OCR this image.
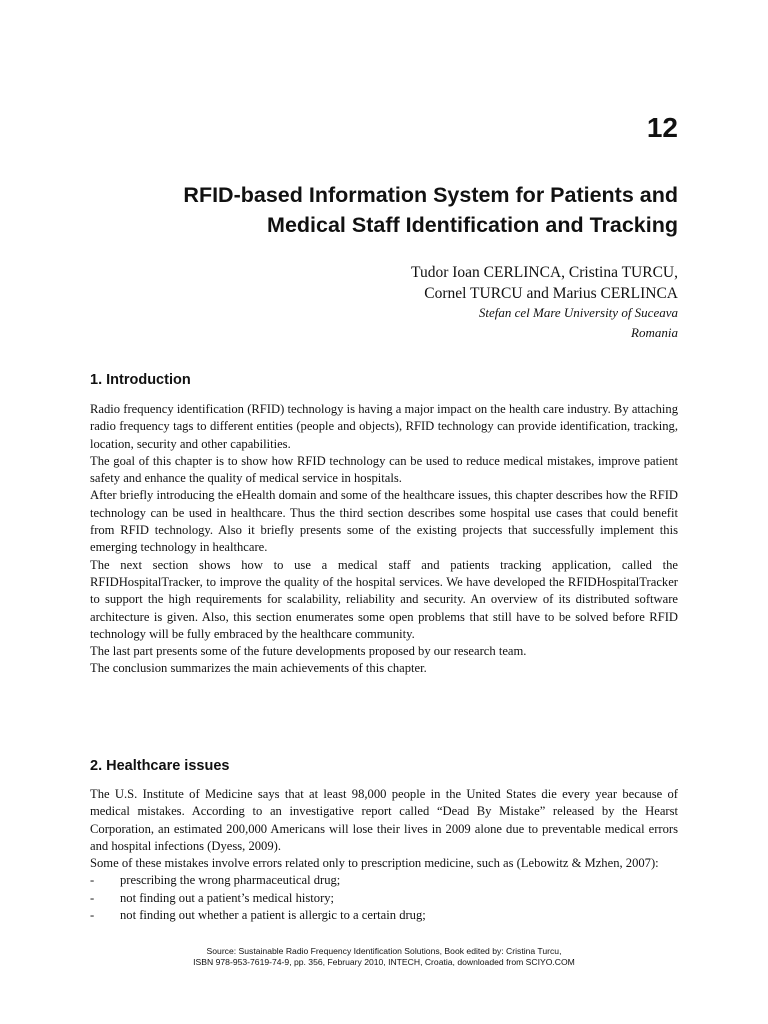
12
RFID-based Information System for Patients and
Medical Staff Identification and Tracking
Tudor Ioan CERLINCA, Cristina TURCU,
Cornel TURCU and Marius CERLINCA
Stefan cel Mare University of Suceava
Romania
1. Introduction

Radio frequency identification (RFID) technology is having a major impact on the health care industry. By attaching radio frequency tags to different entities (people and objects), RFID technology can provide identification, tracking, location, security and other capabilities.

The goal of this chapter is to show how RFID technology can be used to reduce medical mistakes, improve patient safety and enhance the quality of medical service in hospitals.

After briefly introducing the eHealth domain and some of the healthcare issues, this chapter describes how the RFID technology can be used in healthcare. Thus the third section describes some hospital use cases that could benefit from RFID technology. Also it briefly presents some of the existing projects that successfully implement this emerging technology in healthcare.

The next section shows how to use a medical staff and patients tracking application, called the RFIDHospitalTracker, to improve the quality of the hospital services. We have developed the RFIDHospitalTracker to support the high requirements for scalability, reliability and security. An overview of its distributed software architecture is given. Also, this section enumerates some open problems that still have to be solved before RFID technology will be fully embraced by the healthcare community.

The last part presents some of the future developments proposed by our research team.

The conclusion summarizes the main achievements of this chapter.

2. Healthcare issues

The U.S. Institute of Medicine says that at least 98,000 people in the United States die every year because of medical mistakes. According to an investigative report called “Dead By Mistake” released by the Hearst Corporation, an estimated 200,000 Americans will lose their lives in 2009 alone due to preventable medical errors and hospital infections (Dyess, 2009).

Some of these mistakes involve errors related only to prescription medicine, such as (Lebowitz & Mzhen, 2007):

- prescribing the wrong pharmaceutical drug;
- not finding out a patient’s medical history;
- not finding out whether a patient is allergic to a certain drug;
Source: Sustainable Radio Frequency Identification Solutions, Book edited by: Cristina Turcu,
ISBN 978-953-7619-74-9, pp. 356, February 2010, INTECH, Croatia, downloaded from SCIYO.COM
